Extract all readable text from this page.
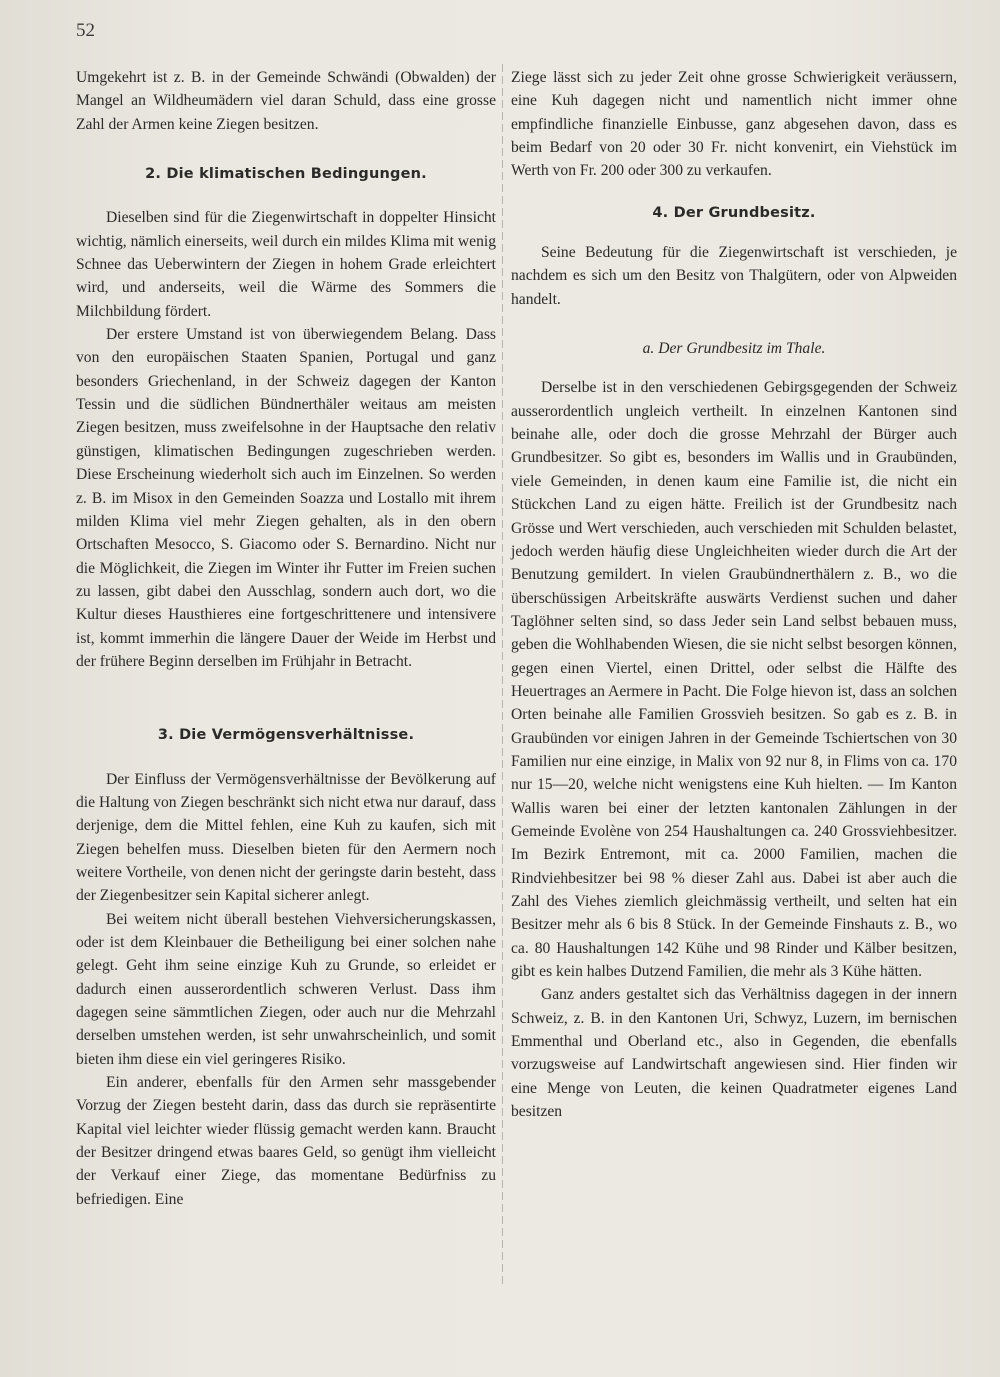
52

Umgekehrt ist z. B. in der Gemeinde Schwändi (Obwalden) der Mangel an Wildheumädern viel daran Schuld, dass eine grosse Zahl der Armen keine Ziegen besitzen.

2. Die klimatischen Bedingungen.

Dieselben sind für die Ziegenwirtschaft in doppelter Hinsicht wichtig, nämlich einerseits, weil durch ein mildes Klima mit wenig Schnee das Ueberwintern der Ziegen in hohem Grade erleichtert wird, und anderseits, weil die Wärme des Sommers die Milchbildung fördert.

Der erstere Umstand ist von überwiegendem Belang. Dass von den europäischen Staaten Spanien, Portugal und ganz besonders Griechenland, in der Schweiz dagegen der Kanton Tessin und die südlichen Bündnerthäler weitaus am meisten Ziegen besitzen, muss zweifelsohne in der Hauptsache den relativ günstigen, klimatischen Bedingungen zugeschrieben werden. Diese Erscheinung wiederholt sich auch im Einzelnen. So werden z. B. im Misox in den Gemeinden Soazza und Lostallo mit ihrem milden Klima viel mehr Ziegen gehalten, als in den obern Ortschaften Mesocco, S. Giacomo oder S. Bernardino. Nicht nur die Möglichkeit, die Ziegen im Winter ihr Futter im Freien suchen zu lassen, gibt dabei den Ausschlag, sondern auch dort, wo die Kultur dieses Hausthieres eine fortgeschrittenere und intensivere ist, kommt immerhin die längere Dauer der Weide im Herbst und der frühere Beginn derselben im Frühjahr in Betracht.

3. Die Vermögensverhältnisse.

Der Einfluss der Vermögensverhältnisse der Bevölkerung auf die Haltung von Ziegen beschränkt sich nicht etwa nur darauf, dass derjenige, dem die Mittel fehlen, eine Kuh zu kaufen, sich mit Ziegen behelfen muss. Dieselben bieten für den Aermern noch weitere Vortheile, von denen nicht der geringste darin besteht, dass der Ziegenbesitzer sein Kapital sicherer anlegt.

Bei weitem nicht überall bestehen Viehversicherungskassen, oder ist dem Kleinbauer die Betheiligung bei einer solchen nahe gelegt. Geht ihm seine einzige Kuh zu Grunde, so erleidet er dadurch einen ausserordentlich schweren Verlust. Dass ihm dagegen seine sämmtlichen Ziegen, oder auch nur die Mehrzahl derselben umstehen werden, ist sehr unwahrscheinlich, und somit bieten ihm diese ein viel geringeres Risiko.

Ein anderer, ebenfalls für den Armen sehr massgebender Vorzug der Ziegen besteht darin, dass das durch sie repräsentirte Kapital viel leichter wieder flüssig gemacht werden kann. Braucht der Besitzer dringend etwas baares Geld, so genügt ihm vielleicht der Verkauf einer Ziege, das momentane Bedürfniss zu befriedigen. Eine

Ziege lässt sich zu jeder Zeit ohne grosse Schwierigkeit veräussern, eine Kuh dagegen nicht und namentlich nicht immer ohne empfindliche finanzielle Einbusse, ganz abgesehen davon, dass es beim Bedarf von 20 oder 30 Fr. nicht konvenirt, ein Viehstück im Werth von Fr. 200 oder 300 zu verkaufen.

4. Der Grundbesitz.

Seine Bedeutung für die Ziegenwirtschaft ist verschieden, je nachdem es sich um den Besitz von Thalgütern, oder von Alpweiden handelt.

a. Der Grundbesitz im Thale.

Derselbe ist in den verschiedenen Gebirgsgegenden der Schweiz ausserordentlich ungleich vertheilt. In einzelnen Kantonen sind beinahe alle, oder doch die grosse Mehrzahl der Bürger auch Grundbesitzer. So gibt es, besonders im Wallis und in Graubünden, viele Gemeinden, in denen kaum eine Familie ist, die nicht ein Stückchen Land zu eigen hätte. Freilich ist der Grundbesitz nach Grösse und Wert verschieden, auch verschieden mit Schulden belastet, jedoch werden häufig diese Ungleichheiten wieder durch die Art der Benutzung gemildert. In vielen Graubündnerthälern z. B., wo die überschüssigen Arbeitskräfte auswärts Verdienst suchen und daher Taglöhner selten sind, so dass Jeder sein Land selbst bebauen muss, geben die Wohlhabenden Wiesen, die sie nicht selbst besorgen können, gegen einen Viertel, einen Drittel, oder selbst die Hälfte des Heuertrages an Aermere in Pacht. Die Folge hievon ist, dass an solchen Orten beinahe alle Familien Grossvieh besitzen. So gab es z. B. in Graubünden vor einigen Jahren in der Gemeinde Tschiertschen von 30 Familien nur eine einzige, in Malix von 92 nur 8, in Flims von ca. 170 nur 15—20, welche nicht wenigstens eine Kuh hielten. — Im Kanton Wallis waren bei einer der letzten kantonalen Zählungen in der Gemeinde Evolène von 254 Haushaltungen ca. 240 Grossviehbesitzer. Im Bezirk Entremont, mit ca. 2000 Familien, machen die Rindviehbesitzer bei 98 % dieser Zahl aus. Dabei ist aber auch die Zahl des Viehes ziemlich gleichmässig vertheilt, und selten hat ein Besitzer mehr als 6 bis 8 Stück. In der Gemeinde Finshauts z. B., wo ca. 80 Haushaltungen 142 Kühe und 98 Rinder und Kälber besitzen, gibt es kein halbes Dutzend Familien, die mehr als 3 Kühe hätten.

Ganz anders gestaltet sich das Verhältniss dagegen in der innern Schweiz, z. B. in den Kantonen Uri, Schwyz, Luzern, im bernischen Emmenthal und Oberland etc., also in Gegenden, die ebenfalls vorzugsweise auf Landwirtschaft angewiesen sind. Hier finden wir eine Menge von Leuten, die keinen Quadratmeter eigenes Land besitzen
